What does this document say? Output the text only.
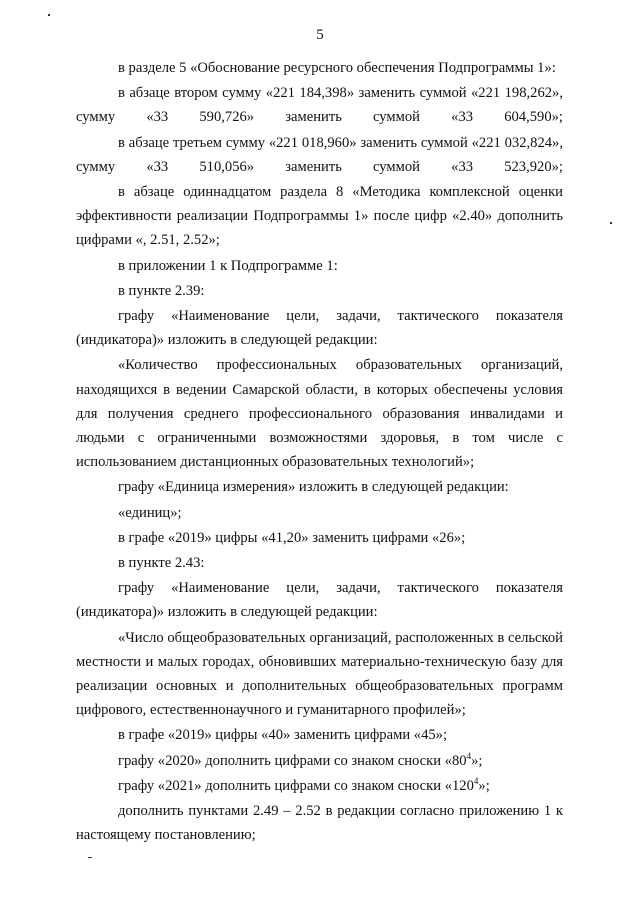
5

в разделе 5 «Обоснование ресурсного обеспечения Подпрограммы 1»:

в абзаце втором сумму «221 184,398» заменить суммой «221 198,262», сумму «33 590,726» заменить суммой «33 604,590»;

в абзаце третьем сумму «221 018,960» заменить суммой «221 032,824», сумму «33 510,056» заменить суммой «33 523,920»;

в абзаце одиннадцатом раздела 8 «Методика комплексной оценки эффективности реализации Подпрограммы 1» после цифр «2.40» дополнить цифрами «, 2.51, 2.52»;

в приложении 1 к Подпрограмме 1:

в пункте 2.39:

графу «Наименование цели, задачи, тактического показателя (индикатора)» изложить в следующей редакции:

«Количество профессиональных образовательных организаций, находящихся в ведении Самарской области, в которых обеспечены условия для получения среднего профессионального образования инвалидами и людьми с ограниченными возможностями здоровья, в том числе с использованием дистанционных образовательных технологий»;

графу «Единица измерения» изложить в следующей редакции:

«единиц»;

в графе «2019» цифры «41,20» заменить цифрами «26»;

в пункте 2.43:

графу «Наименование цели, задачи, тактического показателя (индикатора)» изложить в следующей редакции:

«Число общеобразовательных организаций, расположенных в сельской местности и малых городах, обновивших материально-техническую базу для реализации основных и дополнительных общеобразовательных программ цифрового, естественнонаучного и гуманитарного профилей»;

в графе «2019» цифры «40» заменить цифрами «45»;

графу «2020» дополнить цифрами со знаком сноски «80$^4$»;

графу «2021» дополнить цифрами со знаком сноски «120$^4$»;

дополнить пунктами 2.49 – 2.52 в редакции согласно приложению 1 к настоящему постановлению;
